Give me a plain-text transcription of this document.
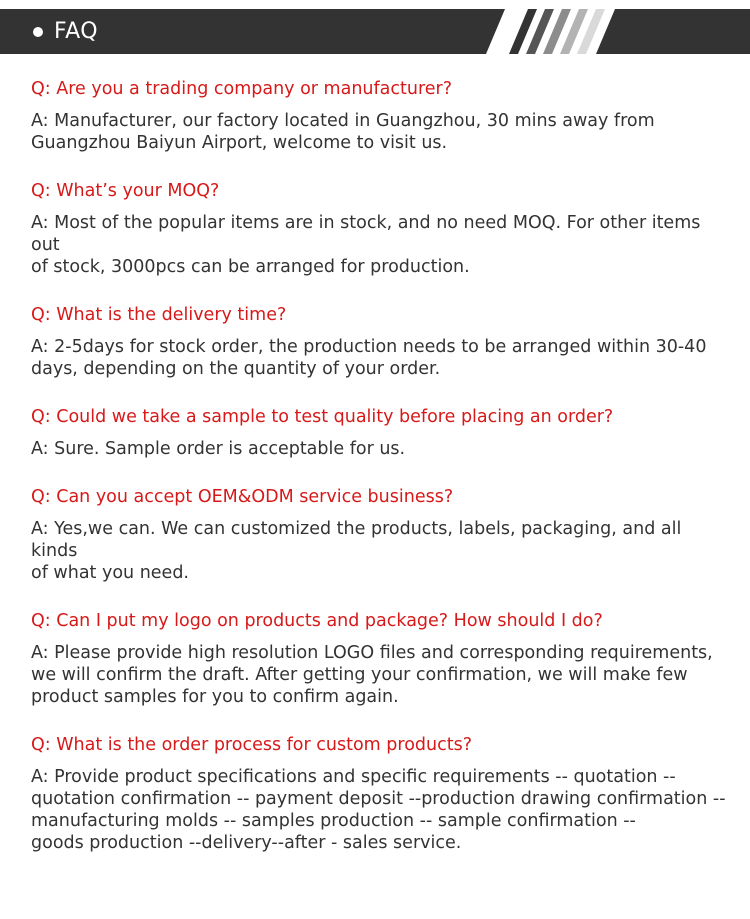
FAQ

Q: Are you a trading company or manufacturer?

A: Manufacturer, our factory located in Guangzhou, 30 mins away from
Guangzhou Baiyun Airport, welcome to visit us.

Q: What’s your MOQ?

A: Most of the popular items are in stock, and no need MOQ. For other items out
of stock, 3000pcs can be arranged for production.

Q: What is the delivery time?

A: 2-5days for stock order, the production needs to be arranged within 30-40
days, depending on the quantity of your order.

Q: Could we take a sample to test quality before placing an order?

A: Sure. Sample order is acceptable for us.

Q: Can you accept OEM&ODM service business?

A: Yes,we can. We can customized the products, labels, packaging, and all kinds
of what you need.

Q: Can I put my logo on products and package? How should I do?

A: Please provide high resolution LOGO files and corresponding requirements,
we will confirm the draft. After getting your confirmation, we will make few
product samples for you to confirm again.

Q: What is the order process for custom products?

A: Provide product specifications and specific requirements -- quotation --
quotation confirmation -- payment deposit --production drawing confirmation --
manufacturing molds -- samples production -- sample confirmation --
goods production --delivery--after - sales service.
